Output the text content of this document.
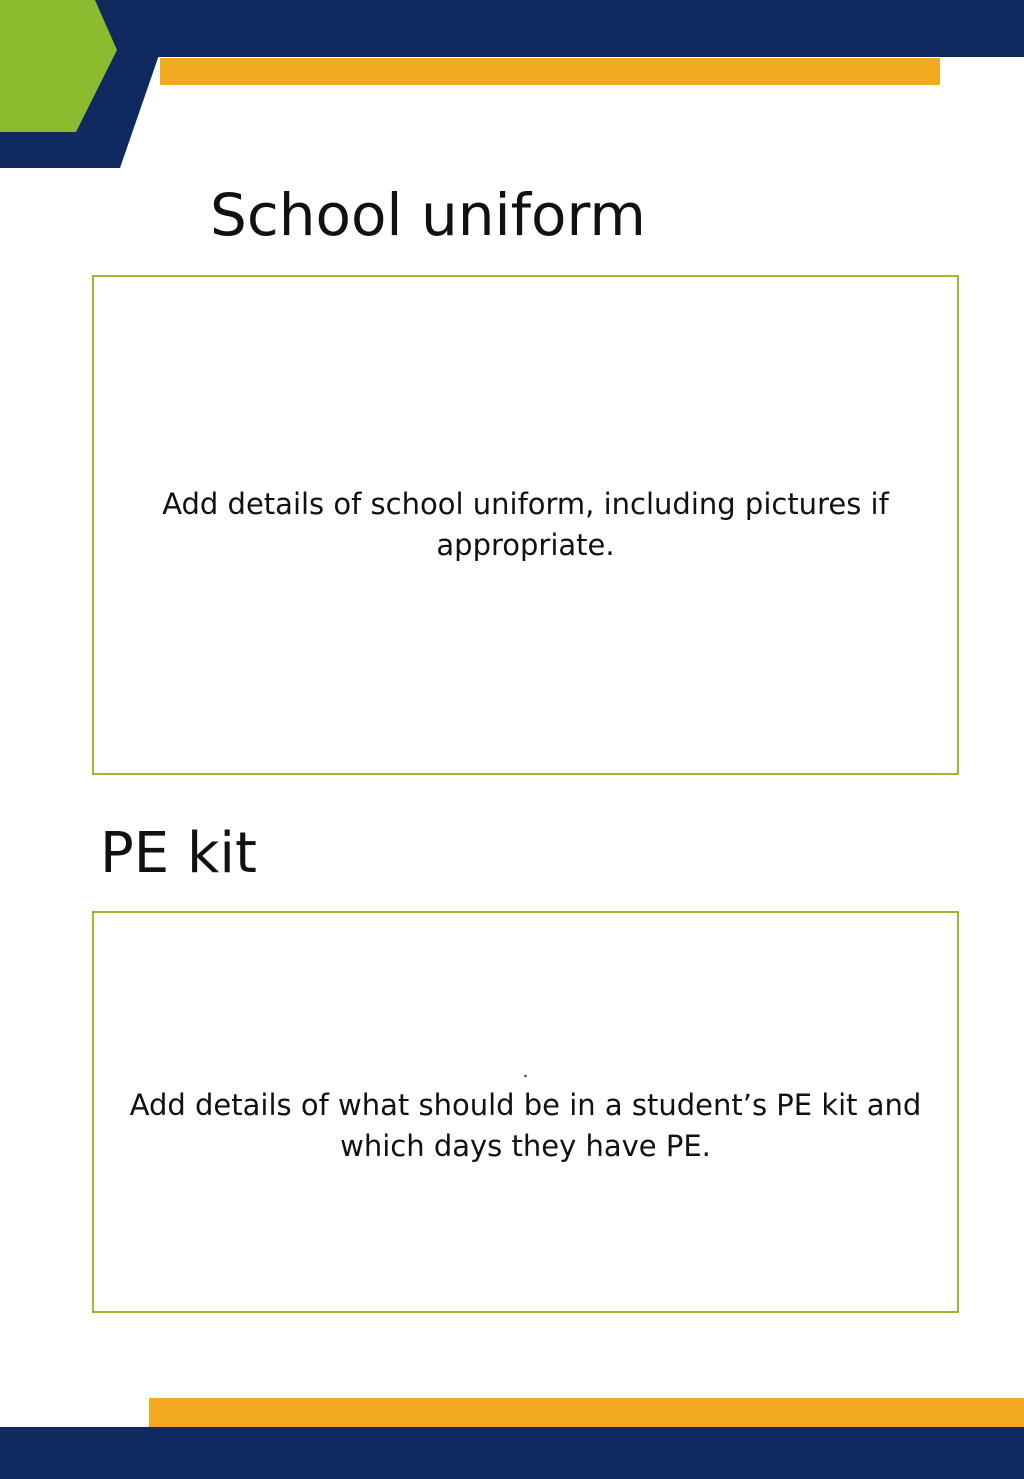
School uniform

Add details of school uniform, including pictures if appropriate.

PE kit
.

Add details of what should be in a student’s PE kit and which days they have PE.
